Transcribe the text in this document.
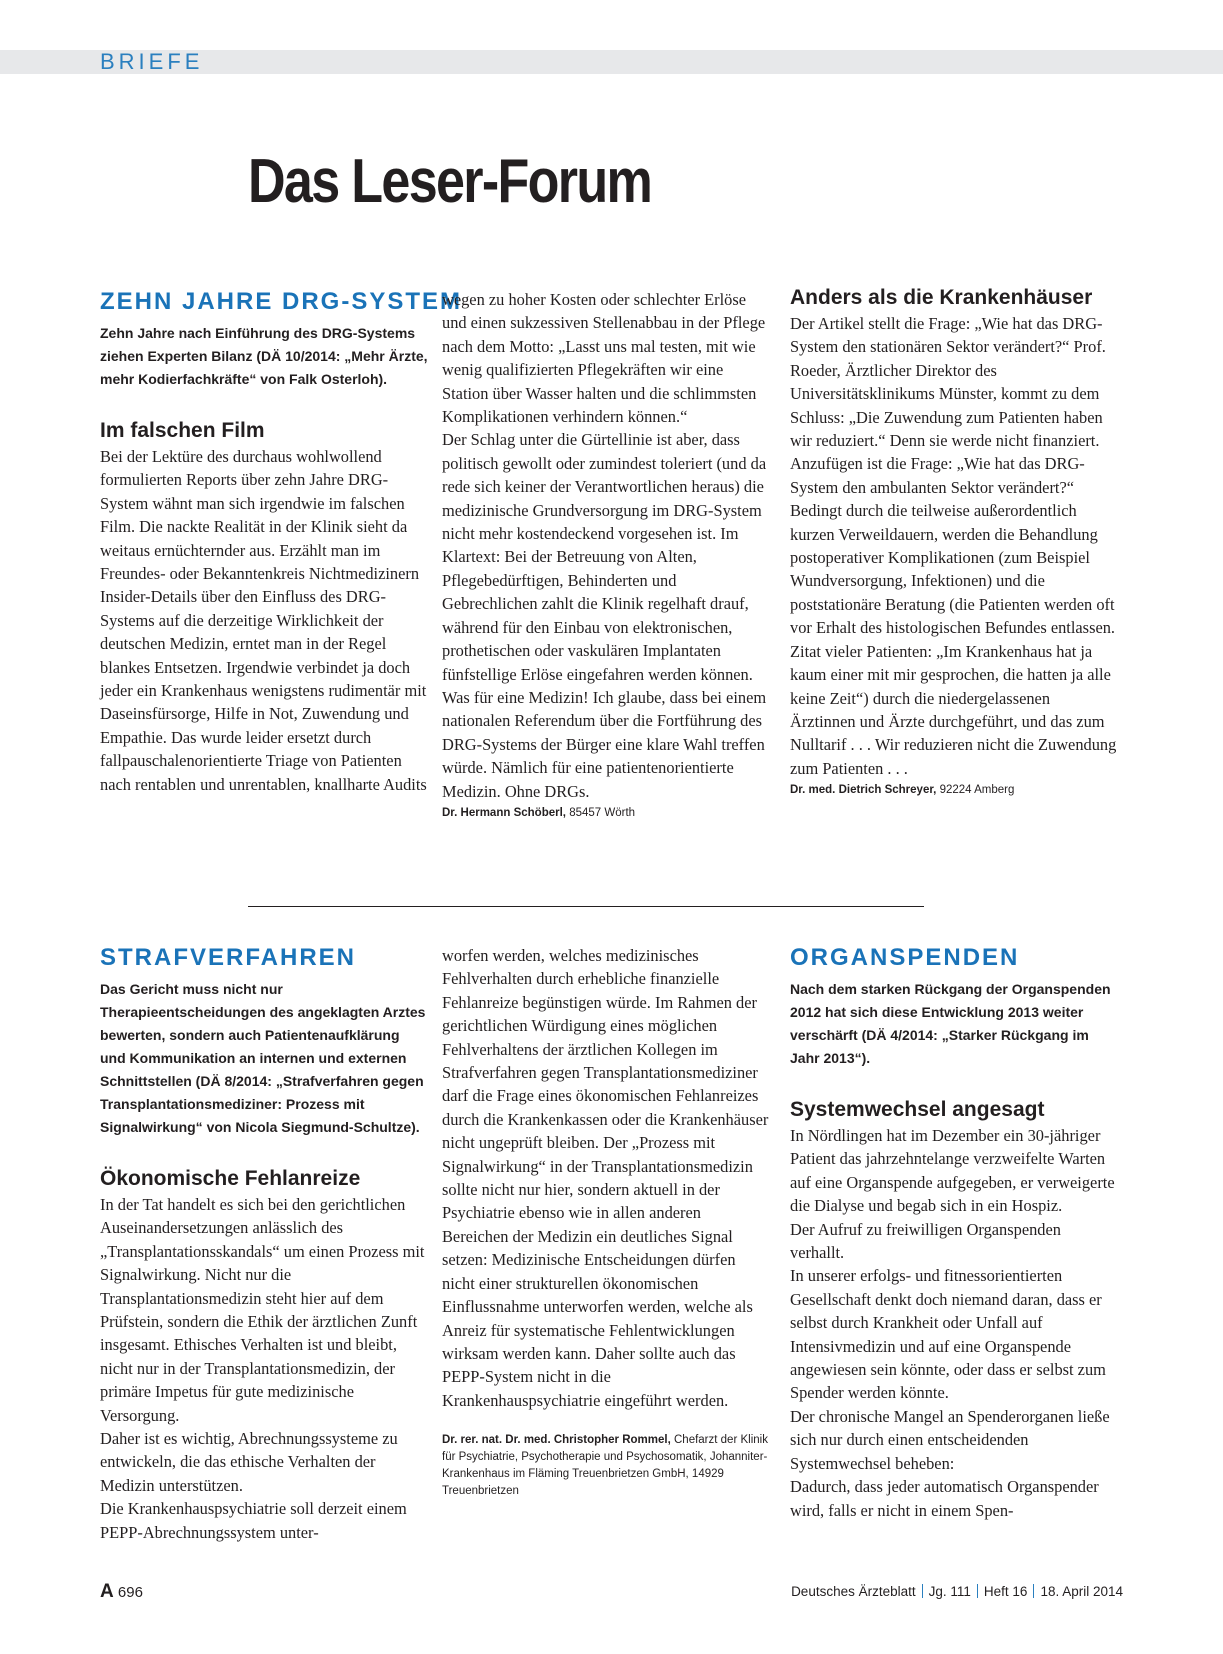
BRIEFE
Das Leser-Forum
ZEHN JAHRE DRG-SYSTEM

Zehn Jahre nach Einführung des DRG-Systems ziehen Experten Bilanz (DÄ 10/2014: „Mehr Ärzte, mehr Kodierfachkräfte“ von Falk Osterloh).

Im falschen Film

Bei der Lektüre des durchaus wohlwollend formulierten Reports über zehn Jahre DRG-System wähnt man sich irgendwie im falschen Film. Die nackte Realität in der Klinik sieht da weitaus ernüchternder aus. Erzählt man im Freundes- oder Bekanntenkreis Nichtmedizinern Insider-Details über den Einfluss des DRG-Systems auf die derzeitige Wirklichkeit der deutschen Medizin, erntet man in der Regel blankes Entsetzen. Irgendwie verbindet ja doch jeder ein Krankenhaus wenigstens rudimentär mit Daseinsfürsorge, Hilfe in Not, Zuwendung und Empathie. Das wurde leider ersetzt durch fallpauschalenorientierte Triage von Patienten nach rentablen und unrentablen, knallharte Audits

wegen zu hoher Kosten oder schlechter Erlöse und einen sukzessiven Stellenabbau in der Pflege nach dem Motto: „Lasst uns mal testen, mit wie wenig qualifizierten Pflegekräften wir eine Station über Wasser halten und die schlimmsten Komplikationen verhindern können.“

Der Schlag unter die Gürtellinie ist aber, dass politisch gewollt oder zumindest toleriert (und da rede sich keiner der Verantwortlichen heraus) die medizinische Grundversorgung im DRG-System nicht mehr kostendeckend vorgesehen ist. Im Klartext: Bei der Betreuung von Alten, Pflegebedürftigen, Behinderten und Gebrechlichen zahlt die Klinik regelhaft drauf, während für den Einbau von elektronischen, prothetischen oder vaskulären Implantaten fünfstellige Erlöse eingefahren werden können. Was für eine Medizin! Ich glaube, dass bei einem nationalen Referendum über die Fortführung des DRG-Systems der Bürger eine klare Wahl treffen würde. Nämlich für eine patientenorientierte Medizin. Ohne DRGs.

Dr. Hermann Schöberl, 85457 Wörth

Anders als die Krankenhäuser

Der Artikel stellt die Frage: „Wie hat das DRG-System den stationären Sektor verändert?“ Prof. Roeder, Ärztlicher Direktor des Universitätsklinikums Münster, kommt zu dem Schluss: „Die Zuwendung zum Patienten haben wir reduziert.“ Denn sie werde nicht finanziert. Anzufügen ist die Frage: „Wie hat das DRG-System den ambulanten Sektor verändert?“ Bedingt durch die teilweise außerordentlich kurzen Verweildauern, werden die Behandlung postoperativer Komplikationen (zum Beispiel Wundversorgung, Infektionen) und die poststationäre Beratung (die Patienten werden oft vor Erhalt des histologischen Befundes entlassen. Zitat vieler Patienten: „Im Krankenhaus hat ja kaum einer mit mir gesprochen, die hatten ja alle keine Zeit“) durch die niedergelassenen Ärztinnen und Ärzte durchgeführt, und das zum Nulltarif . . . Wir reduzieren nicht die Zuwendung zum Patienten . . .

Dr. med. Dietrich Schreyer, 92224 Amberg

STRAFVERFAHREN

Das Gericht muss nicht nur Therapieentscheidungen des angeklagten Arztes bewerten, sondern auch Patientenaufklärung und Kommunikation an internen und externen Schnittstellen (DÄ 8/2014: „Strafverfahren gegen Transplantationsmediziner: Prozess mit Signalwirkung“ von Nicola Siegmund-Schultze).

Ökonomische Fehlanreize

In der Tat handelt es sich bei den gerichtlichen Auseinandersetzungen anlässlich des „Transplantationsskandals“ um einen Prozess mit Signalwirkung. Nicht nur die Transplantationsmedizin steht hier auf dem Prüfstein, sondern die Ethik der ärztlichen Zunft insgesamt. Ethisches Verhalten ist und bleibt, nicht nur in der Transplantationsmedizin, der primäre Impetus für gute medizinische Versorgung.

Daher ist es wichtig, Abrechnungssysteme zu entwickeln, die das ethische Verhalten der Medizin unterstützen.

Die Krankenhauspsychiatrie soll derzeit einem PEPP-Abrechnungssystem unter-

worfen werden, welches medizinisches Fehlverhalten durch erhebliche finanzielle Fehlanreize begünstigen würde. Im Rahmen der gerichtlichen Würdigung eines möglichen Fehlverhaltens der ärztlichen Kollegen im Strafverfahren gegen Transplantationsmediziner darf die Frage eines ökonomischen Fehlanreizes durch die Krankenkassen oder die Krankenhäuser nicht ungeprüft bleiben. Der „Prozess mit Signalwirkung“ in der Transplantationsmedizin sollte nicht nur hier, sondern aktuell in der Psychiatrie ebenso wie in allen anderen Bereichen der Medizin ein deutliches Signal setzen: Medizinische Entscheidungen dürfen nicht einer strukturellen ökonomischen Einflussnahme unterworfen werden, welche als Anreiz für systematische Fehlentwicklungen wirksam werden kann. Daher sollte auch das PEPP-System nicht in die Krankenhauspsychiatrie eingeführt werden.

Dr. rer. nat. Dr. med. Christopher Rommel, Chefarzt der Klinik für Psychiatrie, Psychotherapie und Psychosomatik, Johanniter-Krankenhaus im Fläming Treuenbrietzen GmbH, 14929 Treuenbrietzen

ORGANSPENDEN

Nach dem starken Rückgang der Organspenden 2012 hat sich diese Entwicklung 2013 weiter verschärft (DÄ 4/2014: „Starker Rückgang im Jahr 2013“).

Systemwechsel angesagt

In Nördlingen hat im Dezember ein 30-jähriger Patient das jahrzehntelange verzweifelte Warten auf eine Organspende aufgegeben, er verweigerte die Dialyse und begab sich in ein Hospiz.

Der Aufruf zu freiwilligen Organspenden verhallt.

In unserer erfolgs- und fitnessorientierten Gesellschaft denkt doch niemand daran, dass er selbst durch Krankheit oder Unfall auf Intensivmedizin und auf eine Organspende angewiesen sein könnte, oder dass er selbst zum Spender werden könnte.

Der chronische Mangel an Spenderorganen ließe sich nur durch einen entscheidenden Systemwechsel beheben:

Dadurch, dass jeder automatisch Organspender wird, falls er nicht in einem Spen-

A 696	Deutsches Ärzteblatt Jg. 111 Heft 16 18. April 2014
